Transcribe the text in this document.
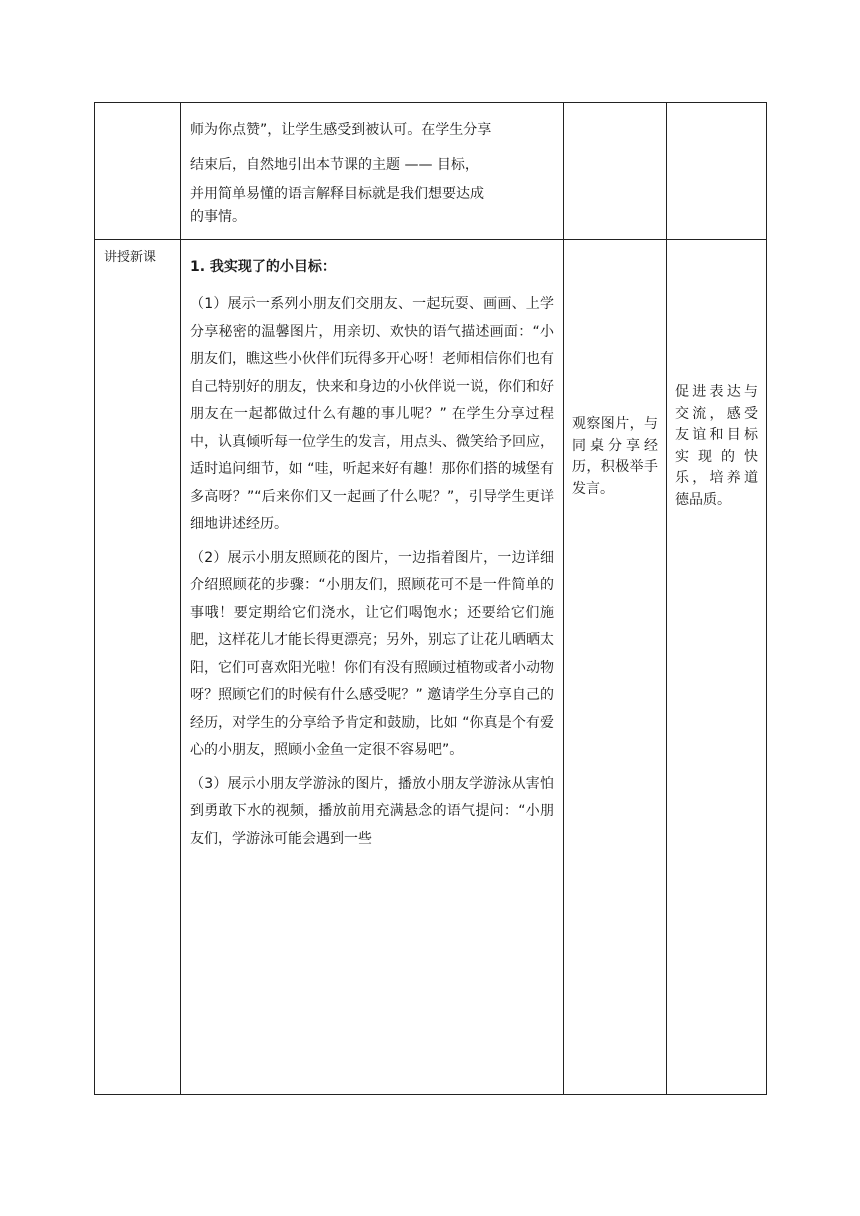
	师为你点赞”，让学生感受到被认可。在学生分享

结束后，自然地引出本节课的主题 —— 目标，

并用简单易懂的语言解释目标就是我们想要达成

的事情。		

讲授新课	1. 我实现了的小目标：

（1）展示一系列小朋友们交朋友、一起玩耍、画画、上学分享秘密的温馨图片，用亲切、欢快的语气描述画面：“小朋友们，瞧这些小伙伴们玩得多开心呀！老师相信你们也有自己特别好的朋友，快来和身边的小伙伴说一说，你们和好朋友在一起都做过什么有趣的事儿呢？” 在学生分享过程中，认真倾听每一位学生的发言，用点头、微笑给予回应，适时追问细节，如 “哇，听起来好有趣！那你们搭的城堡有多高呀？”“后来你们又一起画了什么呢？”，引导学生更详细地讲述经历。

（2）展示小朋友照顾花的图片，一边指着图片，一边详细介绍照顾花的步骤：“小朋友们，照顾花可不是一件简单的事哦！要定期给它们浇水，让它们喝饱水；还要给它们施肥，这样花儿才能长得更漂亮；另外，别忘了让花儿晒晒太阳，它们可喜欢阳光啦！你们有没有照顾过植物或者小动物呀？照顾它们的时候有什么感受呢？” 邀请学生分享自己的经历，对学生的分享给予肯定和鼓励，比如 “你真是个有爱心的小朋友，照顾小金鱼一定很不容易吧”。

（3）展示小朋友学游泳的图片，播放小朋友学游泳从害怕到勇敢下水的视频，播放前用充满悬念的语气提问：“小朋友们，学游泳可能会遇到一些	观察图片，与同桌分享经历，积极举手发言。	促进表达与交流，感受友谊和目标实现的快乐，培养道德品质。
